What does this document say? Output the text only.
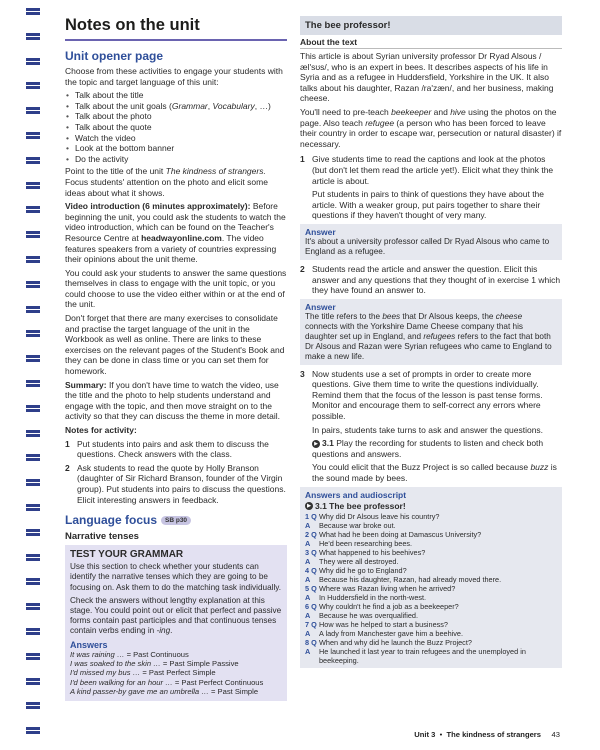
Notes on the unit
Unit opener page

Choose from these activities to engage your students with the topic and target language of this unit:

• Talk about the title
• Talk about the unit goals (Grammar, Vocabulary, …)
• Talk about the photo
• Talk about the quote
• Watch the video
• Look at the bottom banner
• Do the activity

Point to the title of the unit The kindness of strangers. Focus students' attention on the photo and elicit some ideas about what it shows.

Video introduction (6 minutes approximately): Before beginning the unit, you could ask the students to watch the video introduction, which can be found on the Teacher's Resource Centre at headwayonline.com. The video features speakers from a variety of countries expressing their opinions about the unit theme.

You could ask your students to answer the same questions themselves in class to engage with the unit topic, or you could choose to use the video either within or at the end of the unit.

Don't forget that there are many exercises to consolidate and practise the target language of the unit in the Workbook as well as online. There are links to these exercises on the relevant pages of the Student's Book and they can be done in class time or you can set them for homework.

Summary: If you don't have time to watch the video, use the title and the photo to help students understand and engage with the topic, and then move straight on to the activity so that they can discuss the theme in more detail.

Notes for activity:

1 Put students into pairs and ask them to discuss the questions. Check answers with the class.
2 Ask students to read the quote by Holly Branson (daughter of Sir Richard Branson, founder of the Virgin group). Put students into pairs to discuss the questions. Elicit interesting answers in feedback.
Language focus	SB p30
Narrative tenses
TEST YOUR GRAMMAR

Use this section to check whether your students can identify the narrative tenses which they are going to be focusing on. Ask them to do the matching task individually.

Check the answers without lengthy explanation at this stage. You could point out or elicit that perfect and passive forms contain past participles and that continuous tenses contain verbs ending in -ing.

Answers

It was raining … = Past Continuous

I was soaked to the skin … = Past Simple Passive

I'd missed my bus … = Past Perfect Simple

I'd been walking for an hour … = Past Perfect Continuous

A kind passer-by gave me an umbrella … = Past Simple

The bee professor!
About the text

This article is about Syrian university professor Dr Ryad Alsous /æl'sʊs/, who is an expert in bees. It describes aspects of his life in Syria and as a refugee in Huddersfield, Yorkshire in the UK. It also talks about his daughter, Razan /ra'zæn/, and her business, making cheese.

You'll need to pre-teach beekeeper and hive using the photos on the page. Also teach refugee (a person who has been forced to leave their country in order to escape war, persecution or natural disaster) if necessary.

1 Give students time to read the captions and look at the photos (but don't let them read the article yet!). Elicit what they think the article is about.
Put students in pairs to think of questions they have about the article. With a weaker group, put pairs together to share their questions if they haven't thought of very many.
Answer

It's about a university professor called Dr Ryad Alsous who came to England as a refugee.

2 Students read the article and answer the question. Elicit this answer and any questions that they thought of in exercise 1 which they have found an answer to.
Answer

The title refers to the bees that Dr Alsous keeps, the cheese connects with the Yorkshire Dame Cheese company that his daughter set up in England, and refugees refers to the fact that both Dr Alsous and Razan were Syrian refugees who came to England to make a new life.

3 Now students use a set of prompts in order to create more questions. Give them time to write the questions individually. Remind them that the focus of the lesson is past tense forms. Monitor and encourage them to self-correct any errors where possible.
In pairs, students take turns to ask and answer the questions.
▶ 3.1 Play the recording for students to listen and check both questions and answers.
You could elicit that the Buzz Project is so called because buzz is the sound made by bees.
Answers and audioscript
▶ 3.1 The bee professor!

1 Q Why did Dr Alsous leave his country?

A Because war broke out.

2 Q What had he been doing at Damascus University?

A He'd been researching bees.

3 Q What happened to his beehives?

A They were all destroyed.

4 Q Why did he go to England?

A Because his daughter, Razan, had already moved there.

5 Q Where was Razan living when he arrived?

A In Huddersfield in the north-west.

6 Q Why couldn't he find a job as a beekeeper?

A Because he was overqualified.

7 Q How was he helped to start a business?

A A lady from Manchester gave him a beehive.

8 Q When and why did he launch the Buzz Project?

A He launched it last year to train refugees and the unemployed in beekeeping.

Unit 3  •  The kindness of strangers 43
